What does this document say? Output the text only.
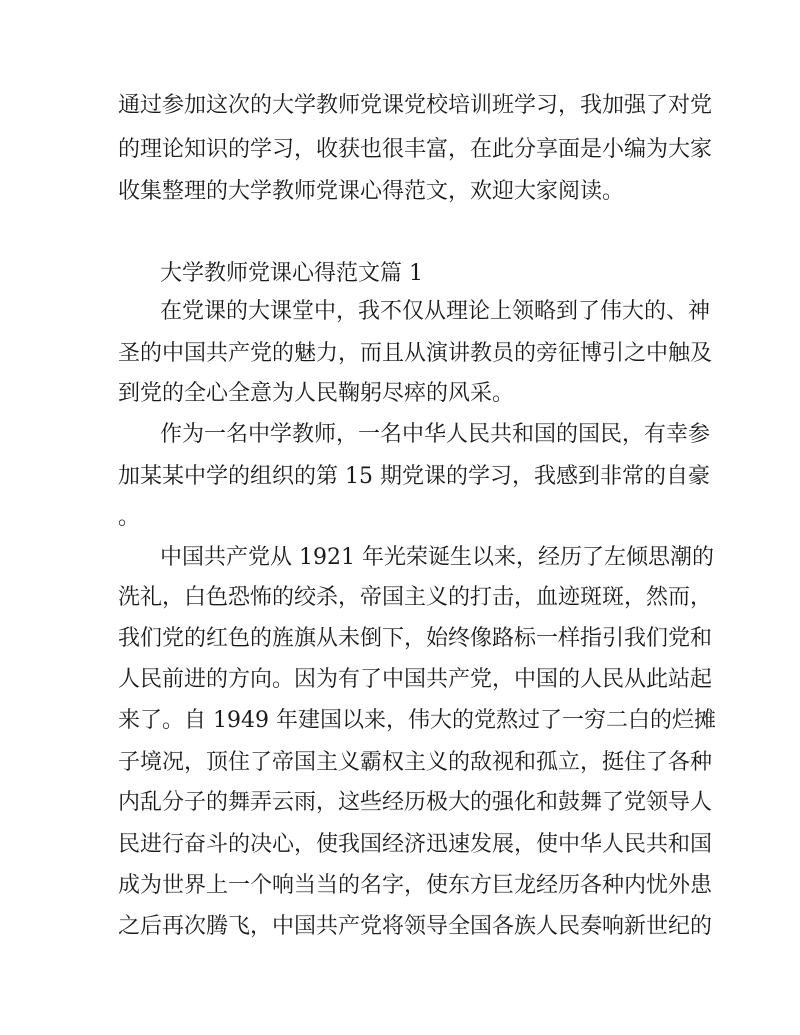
通过参加这次的大学教师党课党校培训班学习，我加强了对党
的理论知识的学习，收获也很丰富，在此分享面是小编为大家
收集整理的大学教师党课心得范文，欢迎大家阅读。
大学教师党课心得范文篇 1
在党课的大课堂中，我不仅从理论上领略到了伟大的、神
圣的中国共产党的魅力，而且从演讲教员的旁征博引之中触及
到党的全心全意为人民鞠躬尽瘁的风采。
作为一名中学教师，一名中华人民共和国的国民，有幸参
加某某中学的组织的第 15 期党课的学习，我感到非常的自豪
。
中国共产党从 1921 年光荣诞生以来，经历了左倾思潮的
洗礼，白色恐怖的绞杀，帝国主义的打击，血迹斑斑，然而，
我们党的红色的旌旗从未倒下，始终像路标一样指引我们党和
人民前进的方向。因为有了中国共产党，中国的人民从此站起
来了。自 1949 年建国以来，伟大的党熬过了一穷二白的烂摊
子境况，顶住了帝国主义霸权主义的敌视和孤立，挺住了各种
内乱分子的舞弄云雨，这些经历极大的强化和鼓舞了党领导人
民进行奋斗的决心，使我国经济迅速发展，使中华人民共和国
成为世界上一个响当当的名字，使东方巨龙经历各种内忧外患
之后再次腾飞，中国共产党将领导全国各族人民奏响新世纪的
